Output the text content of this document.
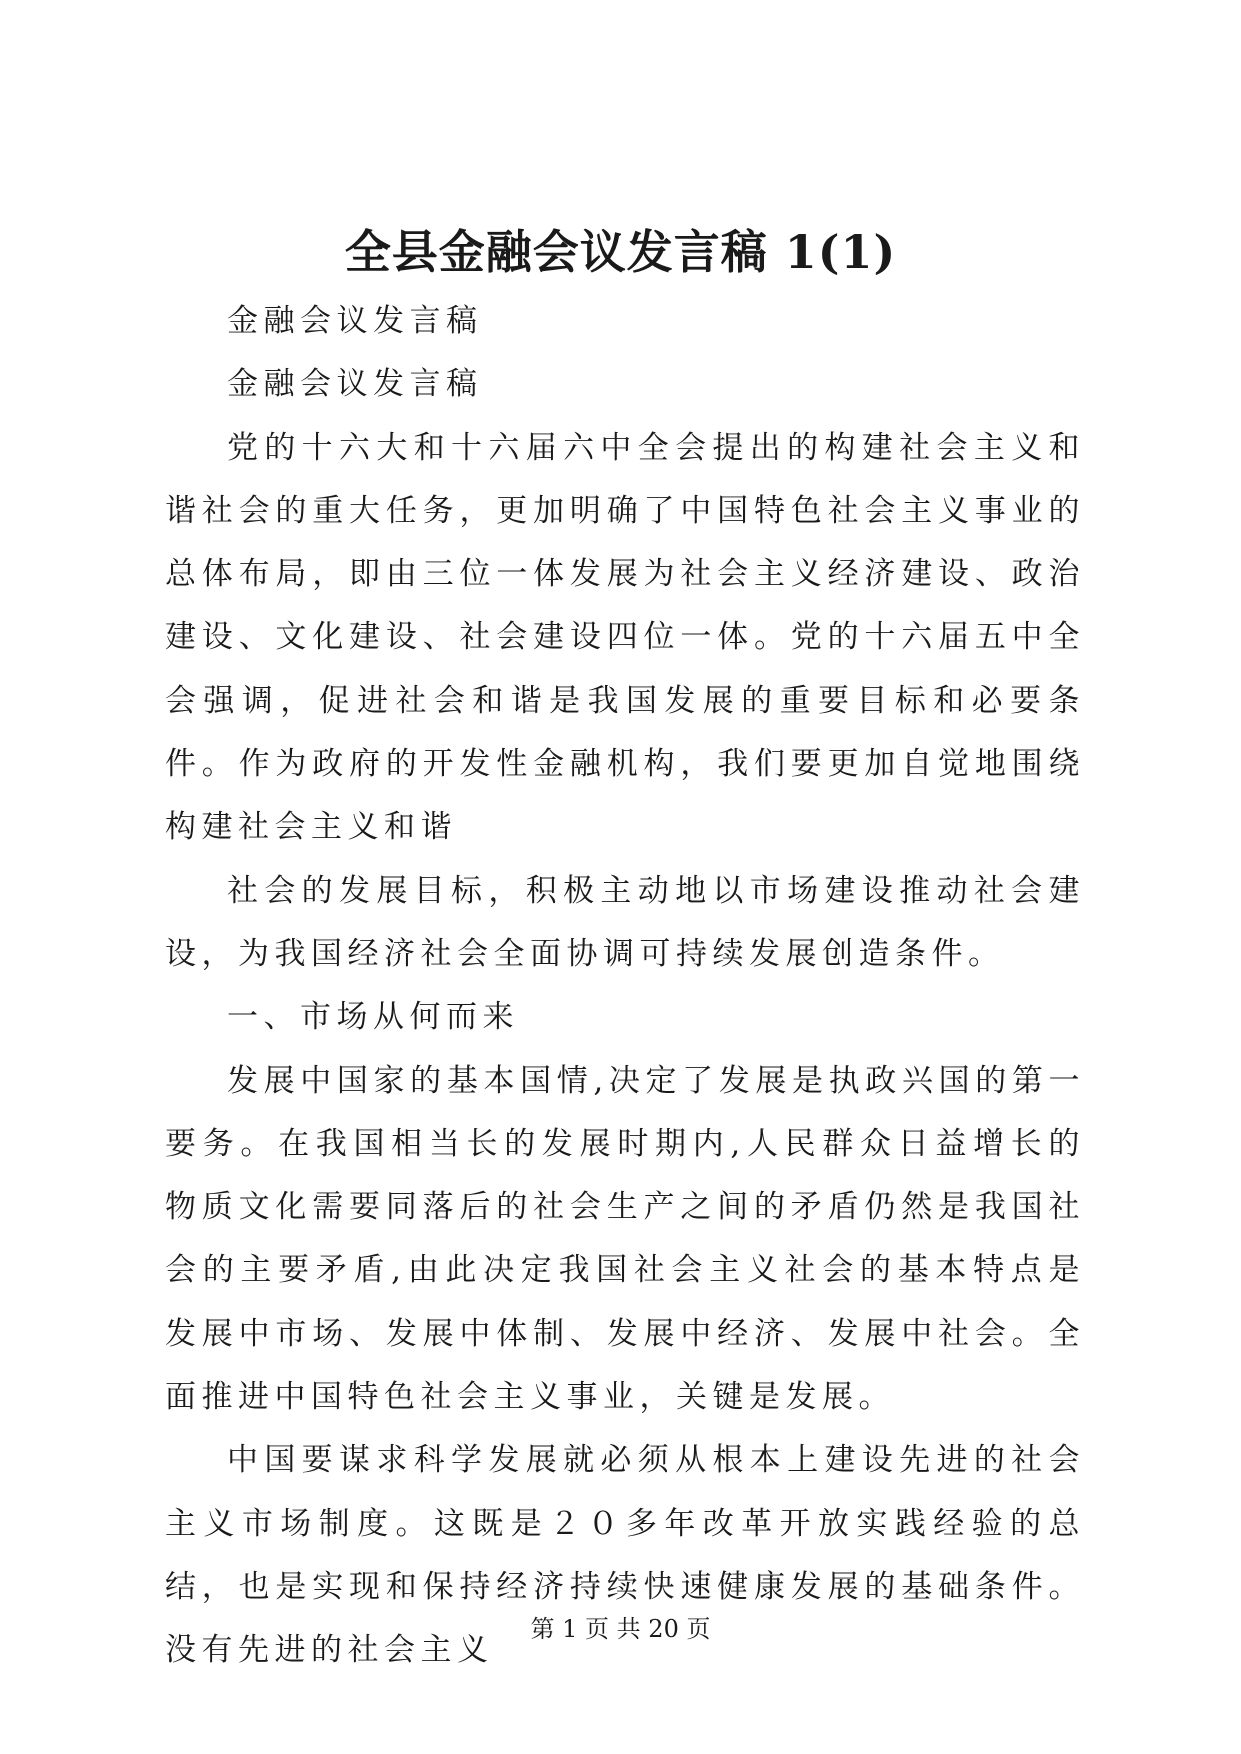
全县金融会议发言稿 1(1)

金融会议发言稿

金融会议发言稿

党的十六大和十六届六中全会提出的构建社会主义和谐社会的重大任务，更加明确了中国特色社会主义事业的总体布局，即由三位一体发展为社会主义经济建设、政治建设、文化建设、社会建设四位一体。党的十六届五中全会强调，促进社会和谐是我国发展的重要目标和必要条件。作为政府的开发性金融机构，我们要更加自觉地围绕构建社会主义和谐

社会的发展目标，积极主动地以市场建设推动社会建设，为我国经济社会全面协调可持续发展创造条件。

一、市场从何而来

发展中国家的基本国情,决定了发展是执政兴国的第一要务。在我国相当长的发展时期内,人民群众日益增长的物质文化需要同落后的社会生产之间的矛盾仍然是我国社会的主要矛盾,由此决定我国社会主义社会的基本特点是发展中市场、发展中体制、发展中经济、发展中社会。全面推进中国特色社会主义事业，关键是发展。

中国要谋求科学发展就必须从根本上建设先进的社会主义市场制度。这既是２０多年改革开放实践经验的总结，也是实现和保持经济持续快速健康发展的基础条件。没有先进的社会主义

第 1 页 共 20 页
